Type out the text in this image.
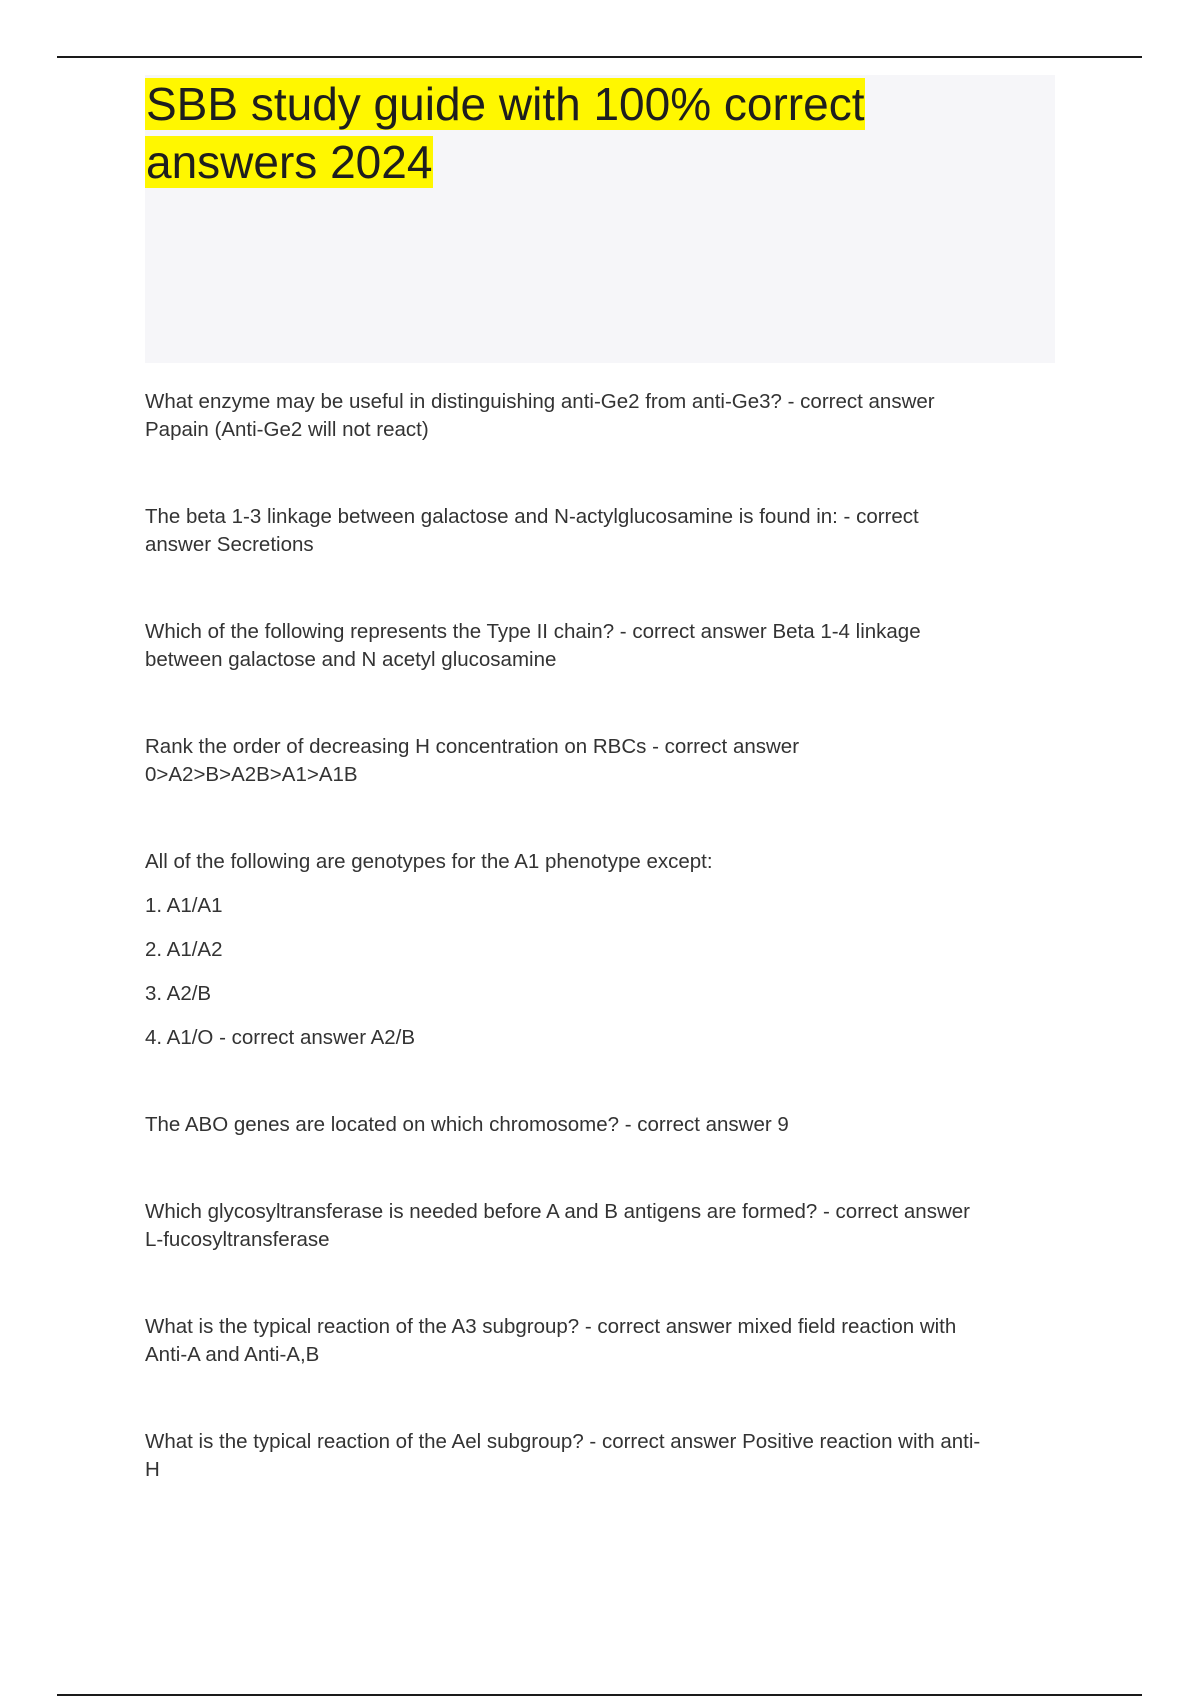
SBB study guide with 100% correct
answers 2024
What enzyme may be useful in distinguishing anti-Ge2 from anti-Ge3? - correct answer
Papain (Anti-Ge2 will not react)
The beta 1-3 linkage between galactose and N-actylglucosamine is found in: - correct
answer Secretions
Which of the following represents the Type II chain? - correct answer Beta 1-4 linkage
between galactose and N acetyl glucosamine
Rank the order of decreasing H concentration on RBCs - correct answer
0>A2>B>A2B>A1>A1B
All of the following are genotypes for the A1 phenotype except:
1. A1/A1
2. A1/A2
3. A2/B
4. A1/O - correct answer A2/B
The ABO genes are located on which chromosome? - correct answer 9
Which glycosyltransferase is needed before A and B antigens are formed? - correct answer
L-fucosyltransferase
What is the typical reaction of the A3 subgroup? - correct answer mixed field reaction with
Anti-A and Anti-A,B
What is the typical reaction of the Ael subgroup? - correct answer Positive reaction with anti-
H
